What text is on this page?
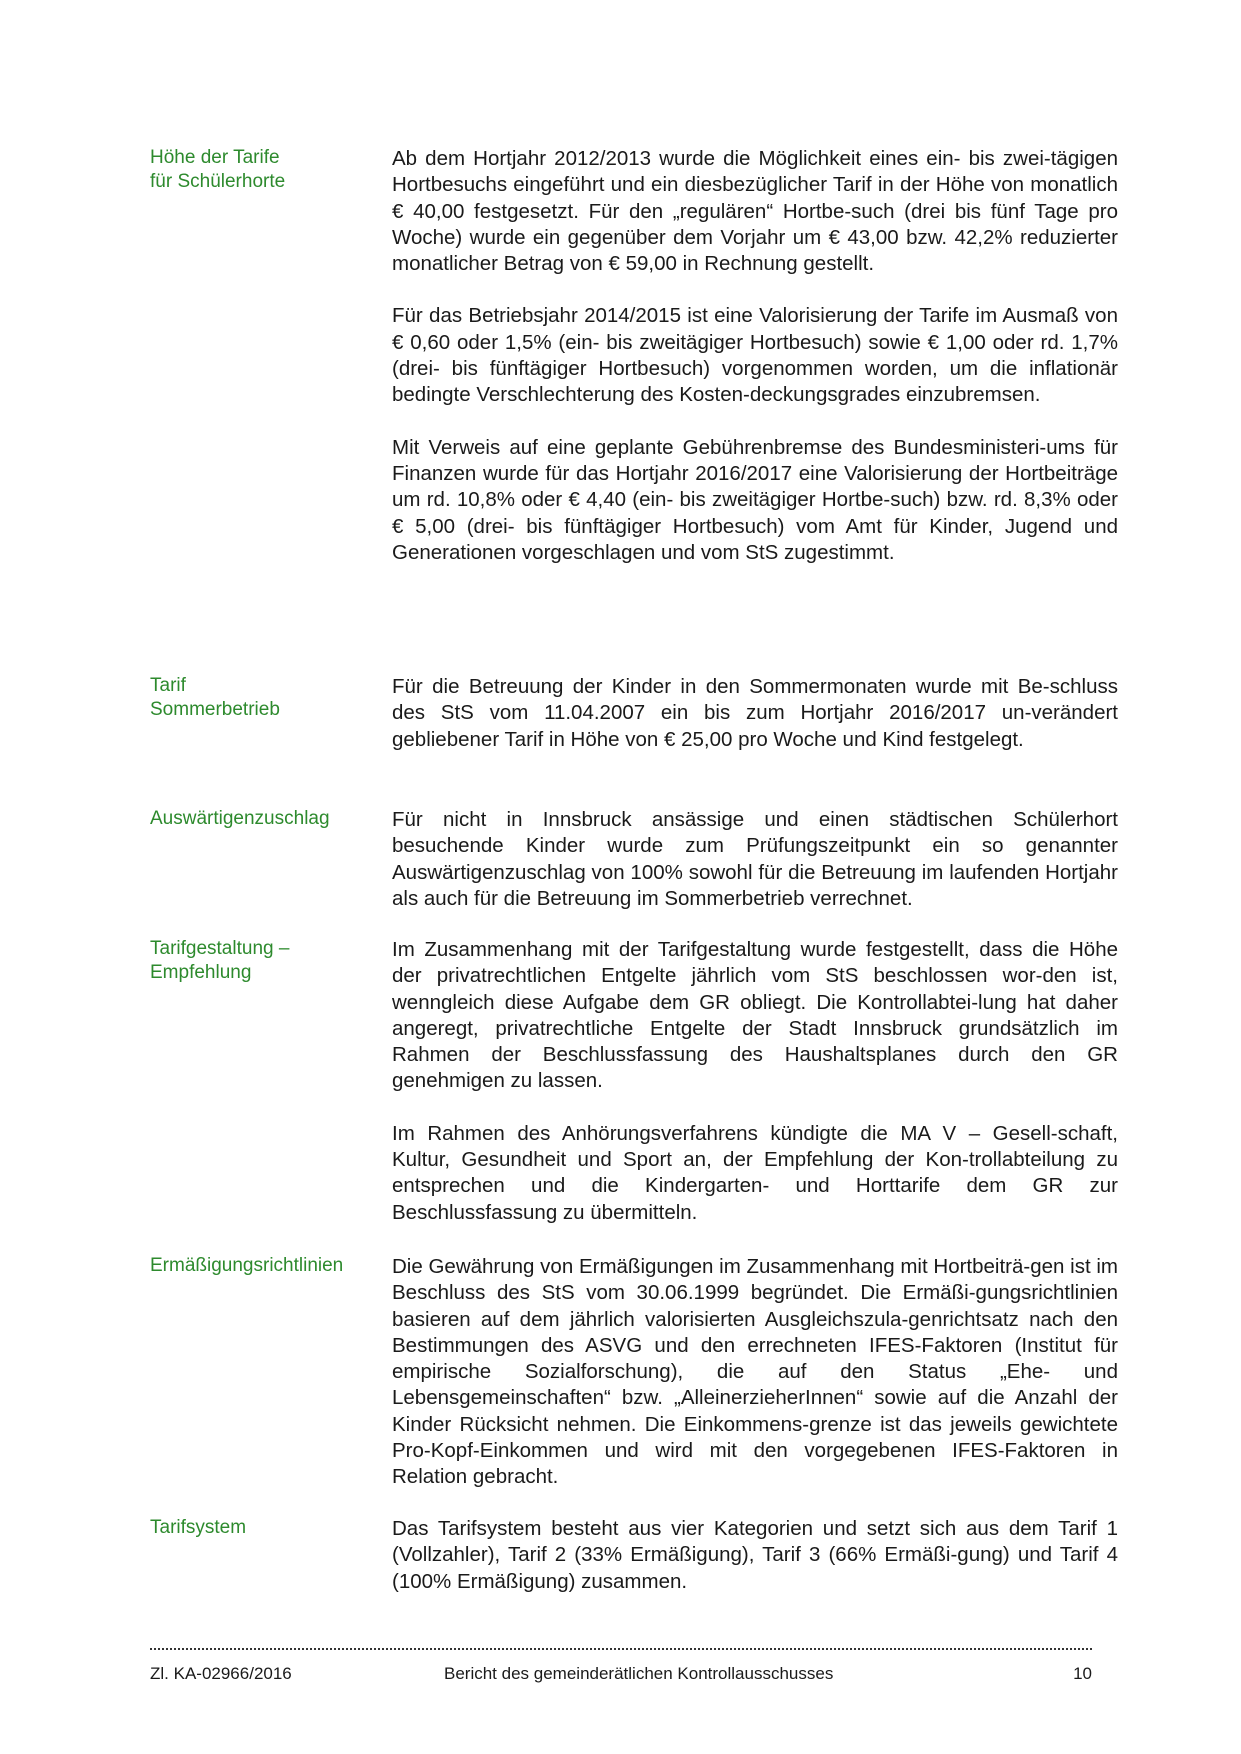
Höhe der Tarife
für Schülerhorte

Ab dem Hortjahr 2012/2013 wurde die Möglichkeit eines ein- bis zwei-tägigen Hortbesuchs eingeführt und ein diesbezüglicher Tarif in der Höhe von monatlich € 40,00 festgesetzt. Für den „regulären“ Hortbe-such (drei bis fünf Tage pro Woche) wurde ein gegenüber dem Vorjahr um € 43,00 bzw. 42,2% reduzierter monatlicher Betrag von € 59,00 in Rechnung gestellt.

Für das Betriebsjahr 2014/2015 ist eine Valorisierung der Tarife im Ausmaß von € 0,60 oder 1,5% (ein- bis zweitägiger Hortbesuch) sowie € 1,00 oder rd. 1,7% (drei- bis fünftägiger Hortbesuch) vorgenommen worden, um die inflationär bedingte Verschlechterung des Kosten-deckungsgrades einzubremsen.

Mit Verweis auf eine geplante Gebührenbremse des Bundesministeri-ums für Finanzen wurde für das Hortjahr 2016/2017 eine Valorisierung der Hortbeiträge um rd. 10,8% oder € 4,40 (ein- bis zweitägiger Hortbe-such) bzw. rd. 8,3% oder € 5,00 (drei- bis fünftägiger Hortbesuch) vom Amt für Kinder, Jugend und Generationen vorgeschlagen und vom StS zugestimmt.

Tarif
Sommerbetrieb

Für die Betreuung der Kinder in den Sommermonaten wurde mit Be-schluss des StS vom 11.04.2007 ein bis zum Hortjahr 2016/2017 un-verändert gebliebener Tarif in Höhe von € 25,00 pro Woche und Kind festgelegt.

Auswärtigenzuschlag	Für nicht in Innsbruck ansässige und einen städtischen Schülerhort besuchende Kinder wurde zum Prüfungszeitpunkt ein so genannter Auswärtigenzuschlag von 100% sowohl für die Betreuung im laufenden Hortjahr als auch für die Betreuung im Sommerbetrieb verrechnet.

Tarifgestaltung –
Empfehlung

Im Zusammenhang mit der Tarifgestaltung wurde festgestellt, dass die Höhe der privatrechtlichen Entgelte jährlich vom StS beschlossen wor-den ist, wenngleich diese Aufgabe dem GR obliegt. Die Kontrollabtei-lung hat daher angeregt, privatrechtliche Entgelte der Stadt Innsbruck grundsätzlich im Rahmen der Beschlussfassung des Haushaltsplanes durch den GR genehmigen zu lassen.

Im Rahmen des Anhörungsverfahrens kündigte die MA V – Gesell-schaft, Kultur, Gesundheit und Sport an, der Empfehlung der Kon-trollabteilung zu entsprechen und die Kindergarten- und Horttarife dem GR zur Beschlussfassung zu übermitteln.

Ermäßigungsrichtlinien	Die Gewährung von Ermäßigungen im Zusammenhang mit Hortbeiträ-gen ist im Beschluss des StS vom 30.06.1999 begründet. Die Ermäßi-gungsrichtlinien basieren auf dem jährlich valorisierten Ausgleichszula-genrichtsatz nach den Bestimmungen des ASVG und den errechneten IFES-Faktoren (Institut für empirische Sozialforschung), die auf den Status „Ehe- und Lebensgemeinschaften“ bzw. „AlleinerzieherInnen“ sowie auf die Anzahl der Kinder Rücksicht nehmen. Die Einkommens-grenze ist das jeweils gewichtete Pro-Kopf-Einkommen und wird mit den vorgegebenen IFES-Faktoren in Relation gebracht.

Tarifsystem	Das Tarifsystem besteht aus vier Kategorien und setzt sich aus dem Tarif 1 (Vollzahler), Tarif 2 (33% Ermäßigung), Tarif 3 (66% Ermäßi-gung) und Tarif 4 (100% Ermäßigung) zusammen.

Zl. KA-02966/2016	Bericht des gemeinderätlichen Kontrollausschusses	10
